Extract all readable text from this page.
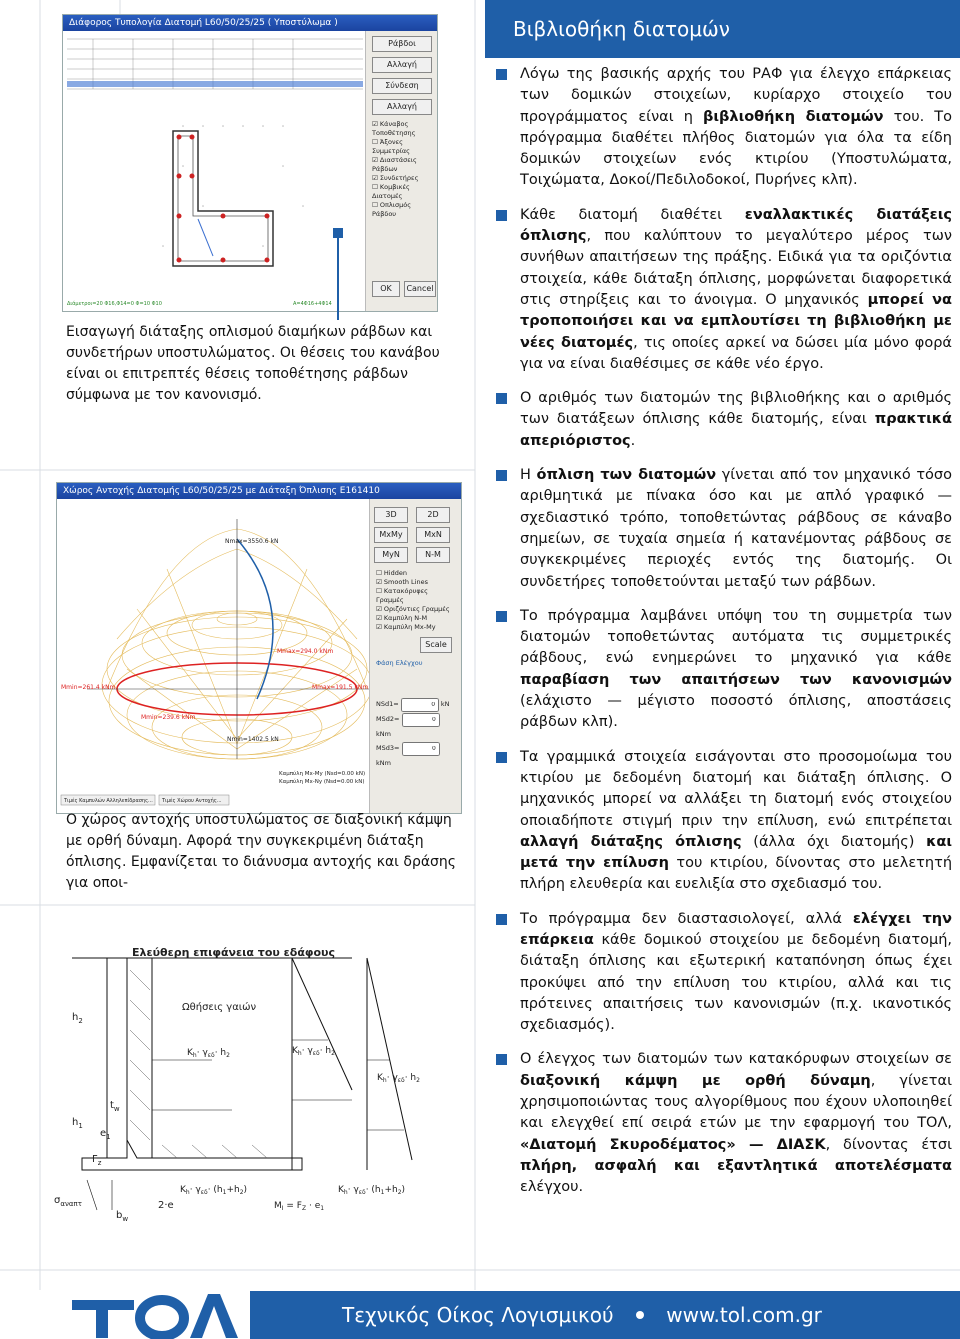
Βιβλιοθήκη διατομών
Λόγω της βασικής αρχής του ΡΑΦ για έλεγχο επάρκειας των δομικών στοιχείων, κυρίαρχο στοιχείο του προγράμματος είναι η βιβλιοθήκη διατομών του. Το πρόγραμμα διαθέτει πλήθος διατομών για όλα τα είδη δομικών στοιχείων ενός κτιρίου (Υποστυλώματα, Τοιχώματα, Δοκοί/Πεδιλοδοκοί, Πυρήνες κλπ).
Κάθε διατομή διαθέτει εναλλακτικές διατάξεις όπλισης, που καλύπτουν το μεγαλύτερο μέρος των συνήθων απαιτήσεων της πράξης. Ειδικά για τα οριζόντια στοιχεία, κάθε διάταξη όπλισης, μορφώνεται διαφορετικά στις στηρίξεις και το άνοιγμα. Ο μηχανικός μπορεί να τροποποιήσει και να εμπλουτίσει τη βιβλιοθήκη με νέες διατομές, τις οποίες αρκεί να δώσει μία μόνο φορά για να είναι διαθέσιμες σε κάθε νέο έργο.
Ο αριθμός των διατομών της βιβλιοθήκης και ο αριθμός των διατάξεων όπλισης κάθε διατομής, είναι πρακτικά απεριόριστος.
Η όπλιση των διατομών γίνεται από τον μηχανικό τόσο αριθμητικά με πίνακα όσο και με απλό γραφικό — σχεδιαστικό τρόπο, τοποθετώντας ράβδους σε κάναβο σημείων, σε τυχαία σημεία ή κατανέμοντας ράβδους σε συγκεκριμένες περιοχές εντός της διατομής. Οι συνδετήρες τοποθετούνται μεταξύ των ράβδων.
Το πρόγραμμα λαμβάνει υπόψη του τη συμμετρία των διατομών τοποθετώντας αυτόματα τις συμμετρικές ράβδους, ενώ ενημερώνει το μηχανικό για κάθε παραβίαση των απαιτήσεων των κανονισμών (ελάχιστο — μέγιστο ποσοστό όπλισης, αποστάσεις ράβδων κλπ).
Τα γραμμικά στοιχεία εισάγονται στο προσομοίωμα του κτιρίου με δεδομένη διατομή και διάταξη όπλισης. Ο μηχανικός μπορεί να αλλάξει τη διατομή ενός στοιχείου οποιαδήποτε στιγμή πριν την επίλυση, ενώ επιτρέπεται αλλαγή διάταξης όπλισης (άλλα όχι διατομής) και μετά την επίλυση του κτιρίου, δίνοντας στο μελετητή πλήρη ελευθερία και ευελιξία στο σχεδιασμό του.
Το πρόγραμμα δεν διαστασιολογεί, αλλά ελέγχει την επάρκεια κάθε δομικού στοιχείου με δεδομένη διατομή, διάταξη όπλισης και εξωτερική καταπόνηση όπως έχει προκύψει από την επίλυση του κτιρίου, αλλά και τις πρότεινες απαιτήσεις των κανονισμών (π.χ. ικανοτικός σχεδιασμός).
Ο έλεγχος των διατομών των κατακόρυφων στοιχείων σε διαξονική κάμψη με ορθή δύναμη, γίνεται χρησιμοποιώντας τους αλγορίθμους που έχουν υλοποιηθεί και ελεγχθεί επί σειρά ετών με την εφαρμογή του ΤΟΛ, «Διατομή Σκυροδέματος» — ΔΙΑΣΚ, δίνοντας έτσι πλήρη, ασφαλή και εξαντλητικά αποτελέσματα ελέγχου.
Διάφορος Τυπολογία Διατομή L60/50/25/25 ( Υποστύλωμα )
Διάμετροι=20 Φ16,Φ14=0 Φ=10 Φ10	Α=4Φ16+4Φ14
Ράβδοι
Αλλαγή
Σύνδεση
Αλλαγή
☑ Κάναβος Τοποθέτησης
☐ Άξονες Συμμετρίας
☑ Διαστάσεις Ράβδων
☑ Συνδετήρες
☐ Κομβικές Διατομές
☐ Οπλισμός Ράβδου
OK	Cancel
Εισαγωγή διάταξης οπλισμού διαμήκων ράβδων και συνδετήρων υποστυλώματος. Οι θέσεις του κανάβου είναι οι επιτρεπτές θέσεις τοποθέτησης ράβδων σύμφωνα με τον κανονισμό.
Χώρος Αντοχής Διατομής L60/50/25/25 με Διάταξη Όπλισης Ε161410
Nmax=3550.6 kN
Mmax=294.0 kNm
Mmin=261.4 kNm	Mmax=191.5 kNm
Mmin=239.6 kNm
Nmin=1402.5 kN
Καμπύλη Mx-My (Nsd=0.00 kN)
Καμπύλη Mx-Ny (Nsd=0.00 kN)
Τιμές Καμπυλών Αλληλεπίδρασης... Τιμές Χώρου Αντοχής...
3D	2D
MxMy	MxN
MyN	N-M
☐ Hidden
☑ Smooth Lines
☐ Κατακόρυφες Γραμμές
☑ Οριζόντιες Γραμμές
☑ Καμπύλη N-M
☑ Καμπύλη Mx-My
Scale
Φάση Ελέγχου
NSd1= 0	kN
MSd2= 0 kNm
MSd3= 0 kNm
Ο χώρος αντοχής υποστυλώματος σε διαξονική κάμψη με ορθή δύναμη. Αφορά την συγκεκριμένη διάταξη όπλισης. Εμφανίζεται το διάνυσμα αντοχής και δράσης για οποι-
Ελεύθερη επιφάνεια του εδάφους
$h_2$
$h_1$
$t_w$
$e_1$
$F_z$
$\sigma_{\alpha\nu\alpha\pi\tau}$
$b_w$
2·e
Ωθήσεις γαιών
$K_h\cdot \gamma_{\varepsilon\delta}\cdot h_2$	$K_h\cdot \gamma_{\varepsilon\delta}\cdot h_2$
$K_h\cdot \gamma_{\varepsilon\delta}\cdot h_2$
$K_h\cdot \gamma_{\varepsilon\delta}\cdot (h_1+h_2)$	$K_h\cdot \gamma_{\varepsilon\delta}\cdot (h_1+h_2)$
$M_I = F_Z \cdot e_1$
Τεχνικός Οίκος Λογισμικού	www.tol.com.gr
